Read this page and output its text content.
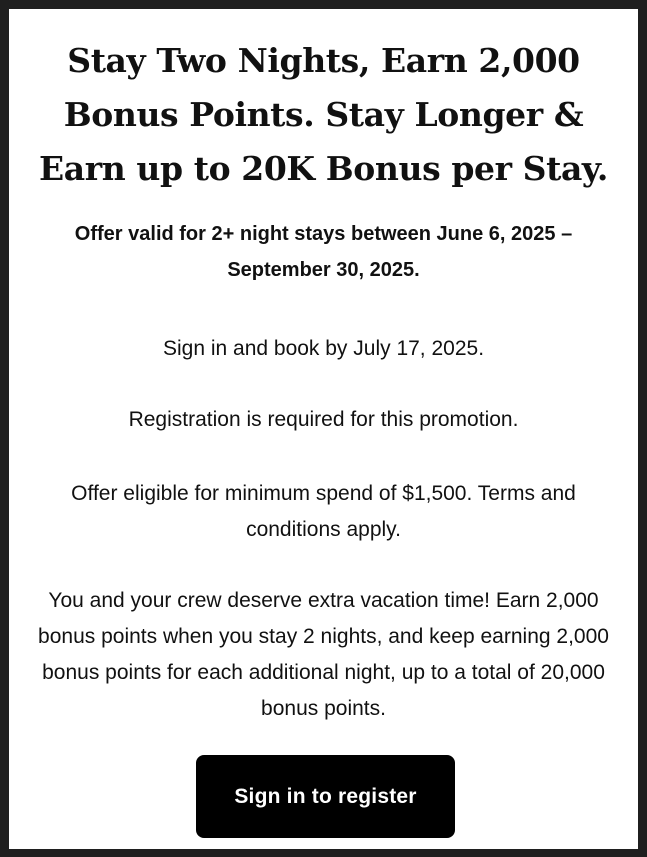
Stay Two Nights, Earn 2,000 Bonus Points. Stay Longer & Earn up to 20K Bonus per Stay.

Offer valid for 2+ night stays between June 6, 2025 – September 30, 2025.

Sign in and book by July 17, 2025.

Registration is required for this promotion.

Offer eligible for minimum spend of $1,500. Terms and conditions apply.

You and your crew deserve extra vacation time! Earn 2,000 bonus points when you stay 2 nights, and keep earning 2,000 bonus points for each additional night, up to a total of 20,000 bonus points.

Sign in to register
